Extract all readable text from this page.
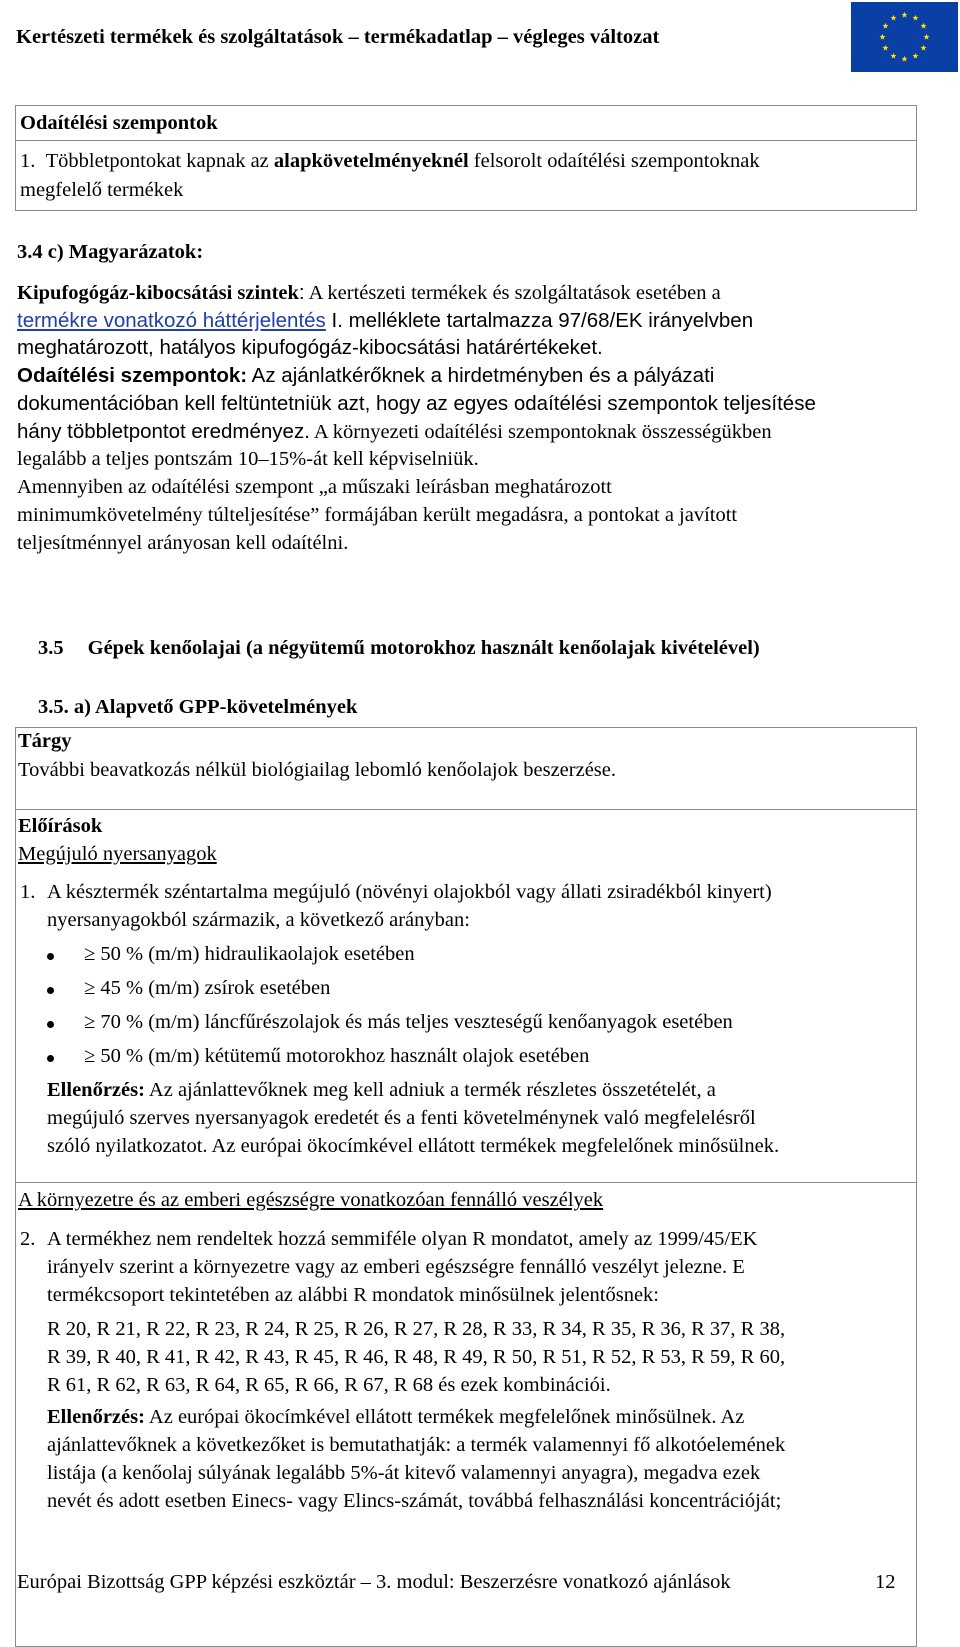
Kertészeti termékek és szolgáltatások – termékadatlap – végleges változat
Odaítélési szempontok
1. Többletpontokat kapnak az alapkövetelményeknél felsorolt odaítélési szempontoknak
megfelelő termékek
3.4 c) Magyarázatok:
Kipufogógáz-kibocsátási szintek: A kertészeti termékek és szolgáltatások esetében a
termékre vonatkozó háttérjelentés I. melléklete tartalmazza 97/68/EK irányelvben
meghatározott, hatályos kipufogógáz-kibocsátási határértékeket.
Odaítélési szempontok: Az ajánlatkérőknek a hirdetményben és a pályázati
dokumentációban kell feltüntetniük azt, hogy az egyes odaítélési szempontok teljesítése
hány többletpontot eredményez. A környezeti odaítélési szempontoknak összességükben
legalább a teljes pontszám 10–15%-át kell képviselniük.
Amennyiben az odaítélési szempont „a műszaki leírásban meghatározott
minimumkövetelmény túlteljesítése” formájában került megadásra, a pontokat a javított
teljesítménnyel arányosan kell odaítélni.
3.5 Gépek kenőolajai (a négyütemű motorokhoz használt kenőolajak kivételével)
3.5. a) Alapvető GPP-követelmények
Tárgy
További beavatkozás nélkül biológiailag lebomló kenőolajok beszerzése.
Előírások
Megújuló nyersanyagok
1. A késztermék széntartalma megújuló (növényi olajokból vagy állati zsiradékból kinyert)
nyersanyagokból származik, a következő arányban:
≥ 50 % (m/m) hidraulikaolajok esetében
≥ 45 % (m/m) zsírok esetében
≥ 70 % (m/m) láncfűrészolajok és más teljes veszteségű kenőanyagok esetében
≥ 50 % (m/m) kétütemű motorokhoz használt olajok esetében
Ellenőrzés: Az ajánlattevőknek meg kell adniuk a termék részletes összetételét, a
megújuló szerves nyersanyagok eredetét és a fenti követelménynek való megfelelésről
szóló nyilatkozatot. Az európai ökocímkével ellátott termékek megfelelőnek minősülnek.
A környezetre és az emberi egészségre vonatkozóan fennálló veszélyek
2. A termékhez nem rendeltek hozzá semmiféle olyan R mondatot, amely az 1999/45/EK
irányelv szerint a környezetre vagy az emberi egészségre fennálló veszélyt jelezne. E
termékcsoport tekintetében az alábbi R mondatok minősülnek jelentősnek:
R 20, R 21, R 22, R 23, R 24, R 25, R 26, R 27, R 28, R 33, R 34, R 35, R 36, R 37, R 38,
R 39, R 40, R 41, R 42, R 43, R 45, R 46, R 48, R 49, R 50, R 51, R 52, R 53, R 59, R 60,
R 61, R 62, R 63, R 64, R 65, R 66, R 67, R 68 és ezek kombinációi.
Ellenőrzés: Az európai ökocímkével ellátott termékek megfelelőnek minősülnek. Az
ajánlattevőknek a következőket is bemutathatják: a termék valamennyi fő alkotóelemének
listája (a kenőolaj súlyának legalább 5%-át kitevő valamennyi anyagra), megadva ezek
nevét és adott esetben Einecs- vagy Elincs-számát, továbbá felhasználási koncentrációját;
Európai Bizottság GPP képzési eszköztár – 3. modul: Beszerzésre vonatkozó ajánlások	12
